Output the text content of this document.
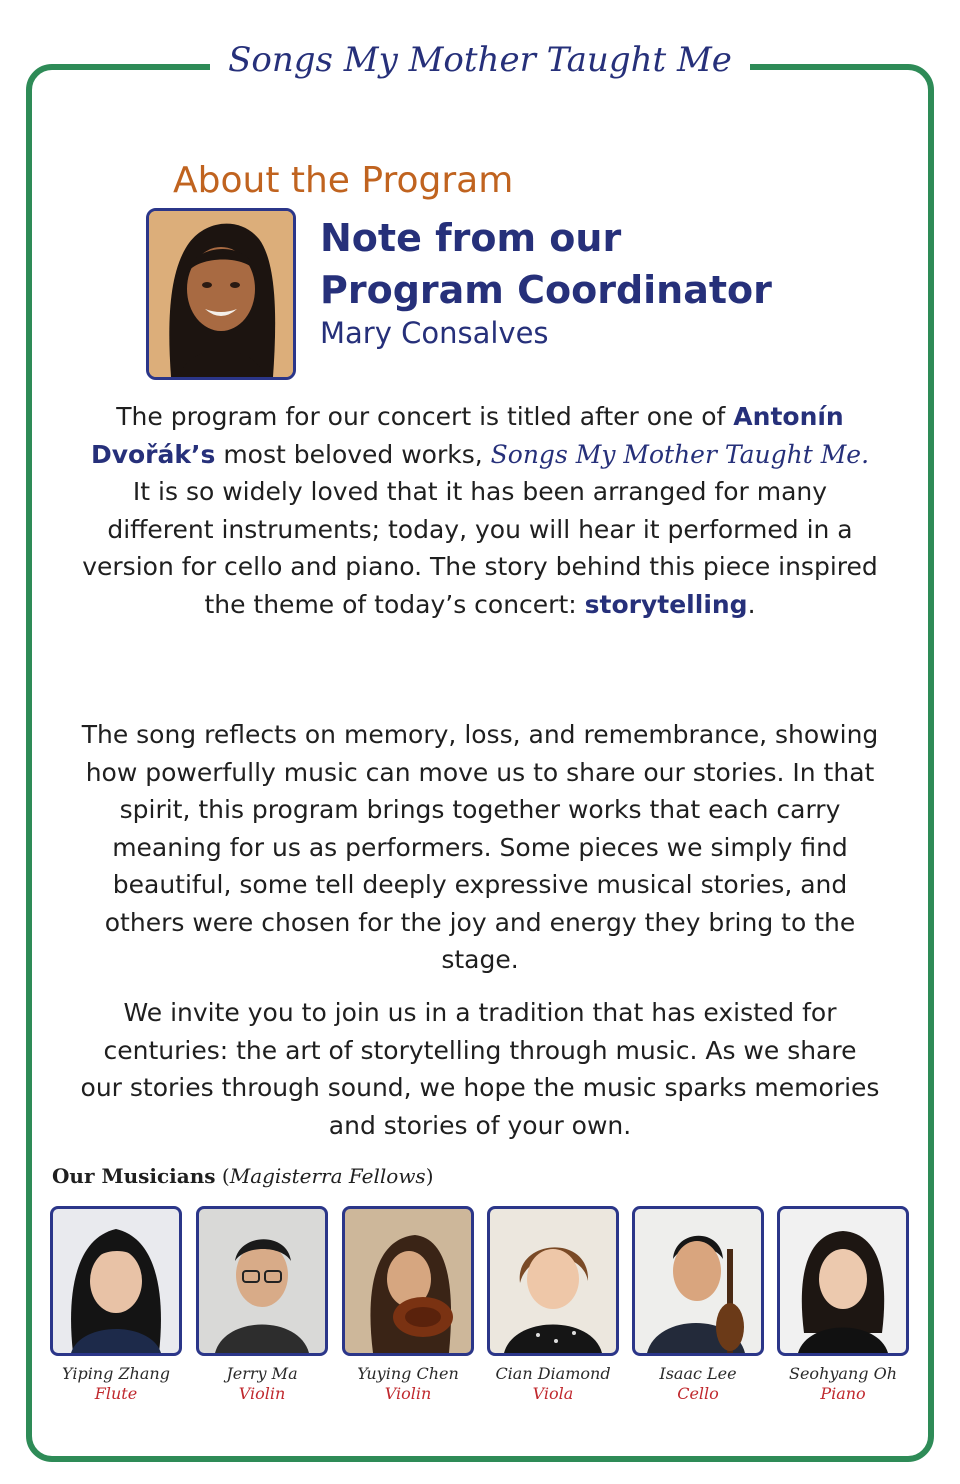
Songs My Mother Taught Me
About the Program
Note from our
Program Coordinator
Mary Consalves
The program for our concert is titled after one of Antonín Dvořák’s most beloved works, Songs My Mother Taught Me. It is so widely loved that it has been arranged for many different instruments; today, you will hear it performed in a version for cello and piano. The story behind this piece inspired the theme of today’s concert: storytelling.
The song reflects on memory, loss, and remembrance, showing how powerfully music can move us to share our stories. In that spirit, this program brings together works that each carry meaning for us as performers. Some pieces we simply find beautiful, some tell deeply expressive musical stories, and others were chosen for the joy and energy they bring to the stage.
We invite you to join us in a tradition that has existed for centuries: the art of storytelling through music. As we share our stories through sound, we hope the music sparks memories and stories of your own.
Our Musicians (Magisterra Fellows)
Yiping Zhang
Flute
Jerry Ma
Violin
Yuying Chen
Violin
Cian Diamond
Viola
Isaac Lee
Cello
Seohyang Oh
Piano
